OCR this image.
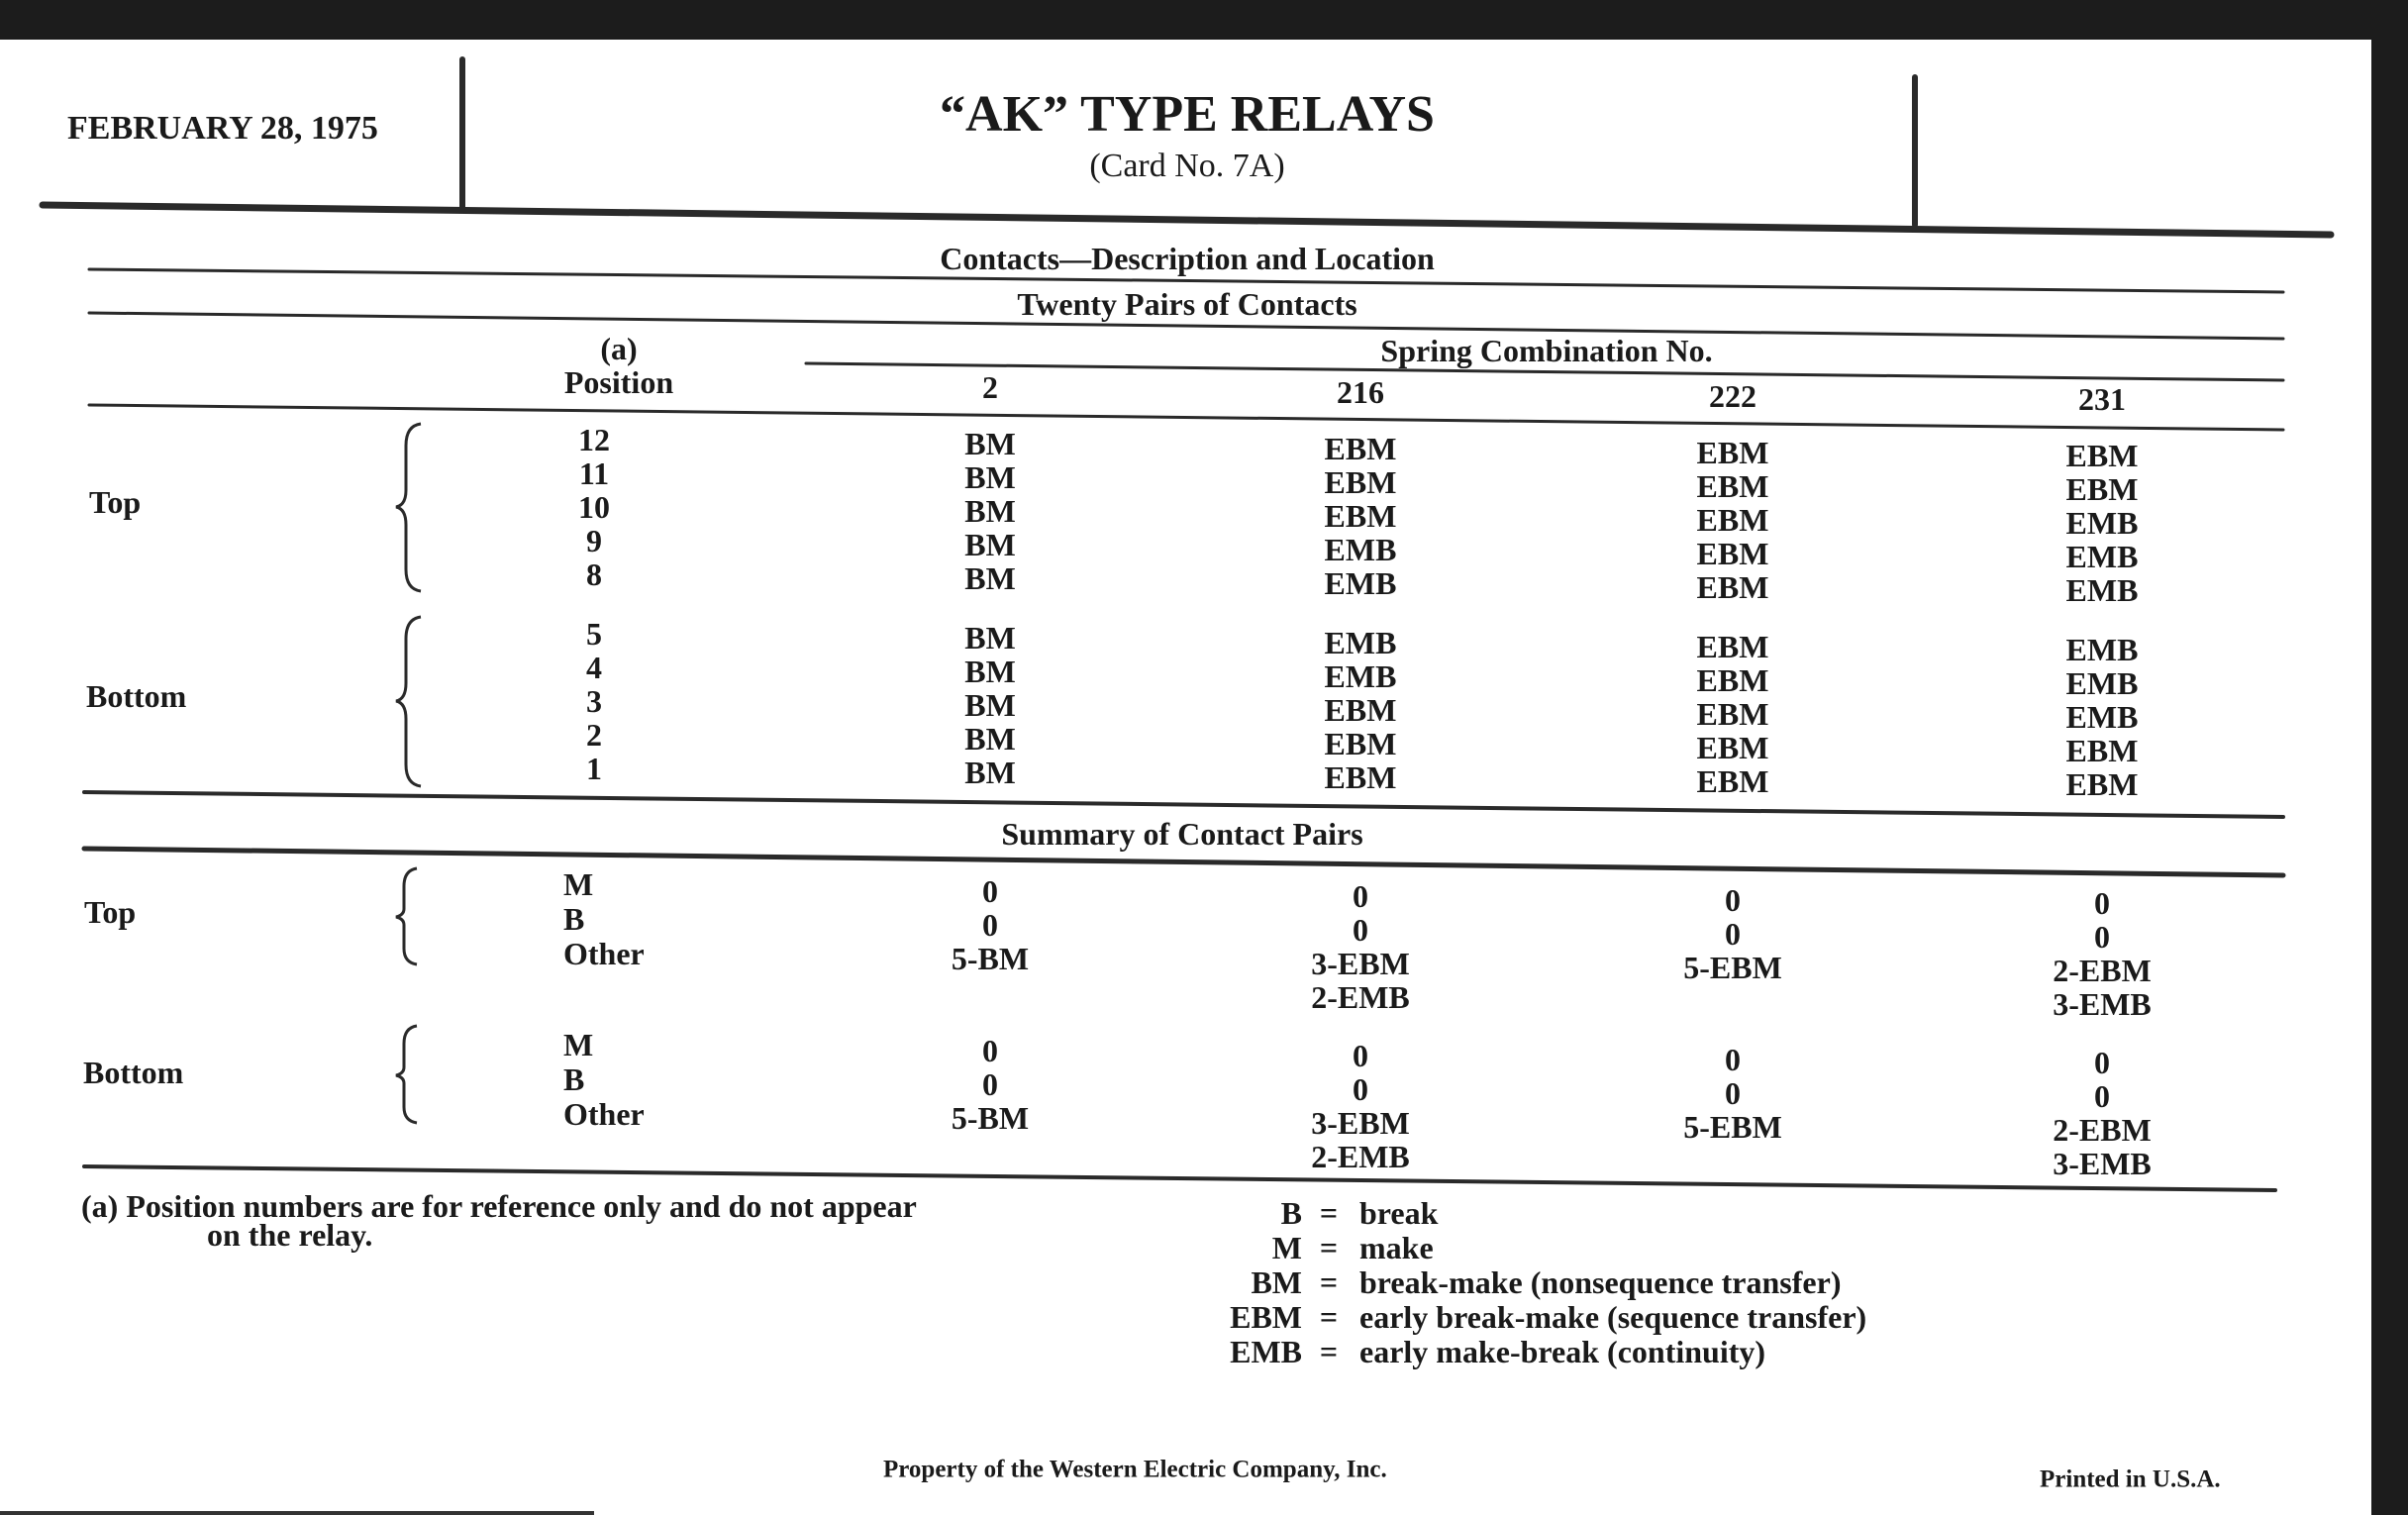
FEBRUARY 28, 1975	“AK” TYPE RELAYS
(Card No. 7A)
Contacts—Description and Location
Twenty Pairs of Contacts
(a)
Position
Spring Combination No.
Top
Bottom
Summary of Contact Pairs
Top
Bottom
(a) Position numbers are for reference only and do not appear
on the relay.
12
11
10
9
8
5
4
3
2
1
2
BM
BM
BM
BM
BM
BM
BM
BM
BM
BM
216
EBM
EBM
EBM
EMB
EMB
EMB
EMB
EBM
EBM
EBM
222
EBM
EBM
EBM
EBM
EBM
EBM
EBM
EBM
EBM
EBM
231
EBM
EBM
EMB
EMB
EMB
EMB
EMB
EMB
EBM
EBM
M
M
B
B
Other
Other
0
0
5-BM
0
0
5-BM
0
0
3-EBM
2-EMB
0
0
3-EBM
2-EMB
0
0
5-EBM
0
0
5-EBM
0
0
2-EBM
3-EMB
0
0
2-EBM
3-EMB
B = break
M = make
BM = break-make (nonsequence transfer)
EBM = early break-make (sequence transfer)
EMB = early make-break (continuity)
Property of the Western Electric Company, Inc.	Printed in U.S.A.
